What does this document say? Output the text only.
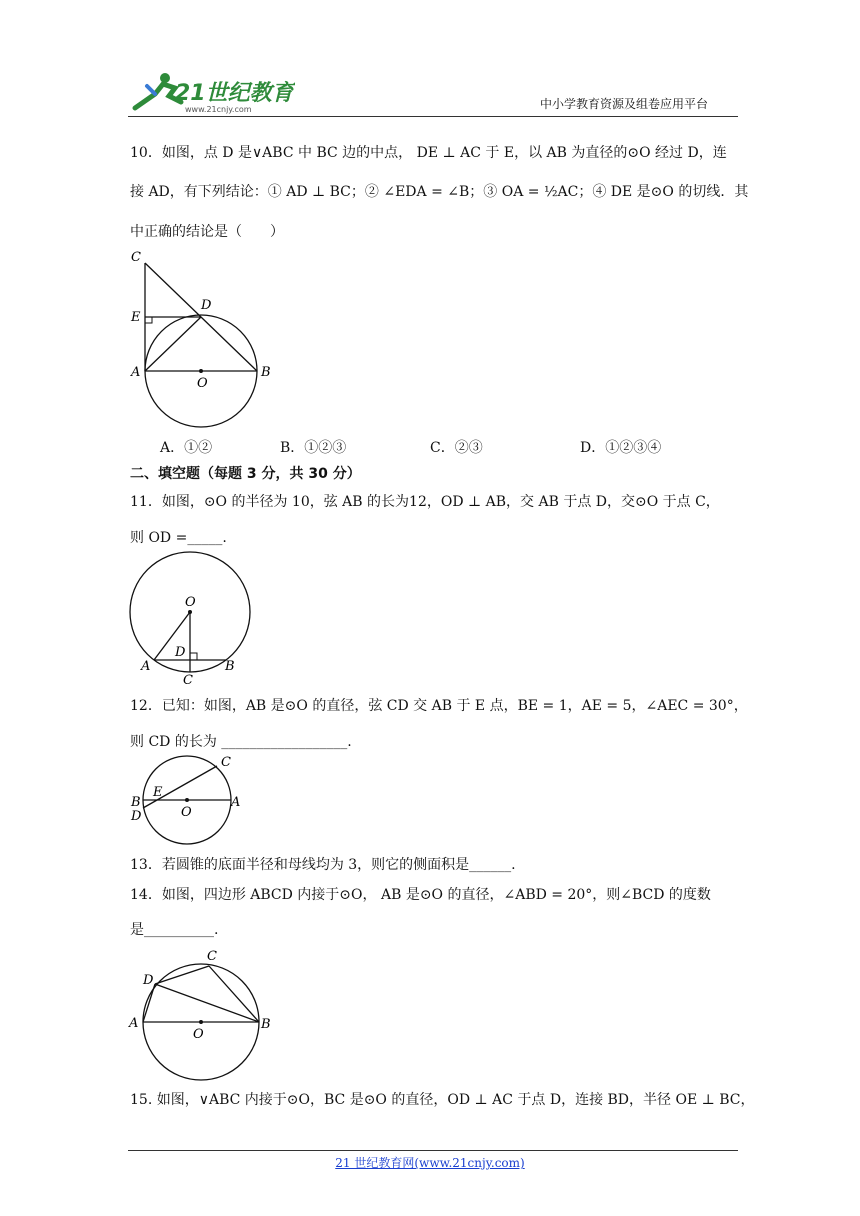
21世纪教育
www.21cnjy.com	中小学教育资源及组卷应用平台
10．如图，点 D 是∨ABC 中 BC 边的中点， DE ⊥ AC 于 E，以 AB 为直径的⊙O 经过 D，连
接 AD，有下列结论：① AD ⊥ BC；② ∠EDA = ∠B；③ OA = ½AC；④ DE 是⊙O 的切线．其
中正确的结论是（　　）
C
D
E
A
O
B
A．①②	B．①②③	C．②③	D．①②③④
二、填空题（每题 3 分，共 30 分）
11．如图，⊙O 的半径为 10，弦 AB 的长为12，OD ⊥ AB，交 AB 于点 D，交⊙O 于点 C，
则 OD =_____.
O
D
A	B
C
12．已知：如图，AB 是⊙O 的直径，弦 CD 交 AB 于 E 点，BE = 1，AE = 5，∠AEC = 30°，
则 CD 的长为 __________________.
C
E
B
D	O
A
13．若圆锥的底面半径和母线均为 3，则它的侧面积是______.
14．如图，四边形 ABCD 内接于⊙O， AB 是⊙O 的直径，∠ABD = 20°，则∠BCD 的度数
是__________.
C
D
A
O
B
15. 如图，∨ABC 内接于⊙O，BC 是⊙O 的直径，OD ⊥ AC 于点 D，连接 BD，半径 OE ⊥ BC，
21 世纪教育网(www.21cnjy.com)
